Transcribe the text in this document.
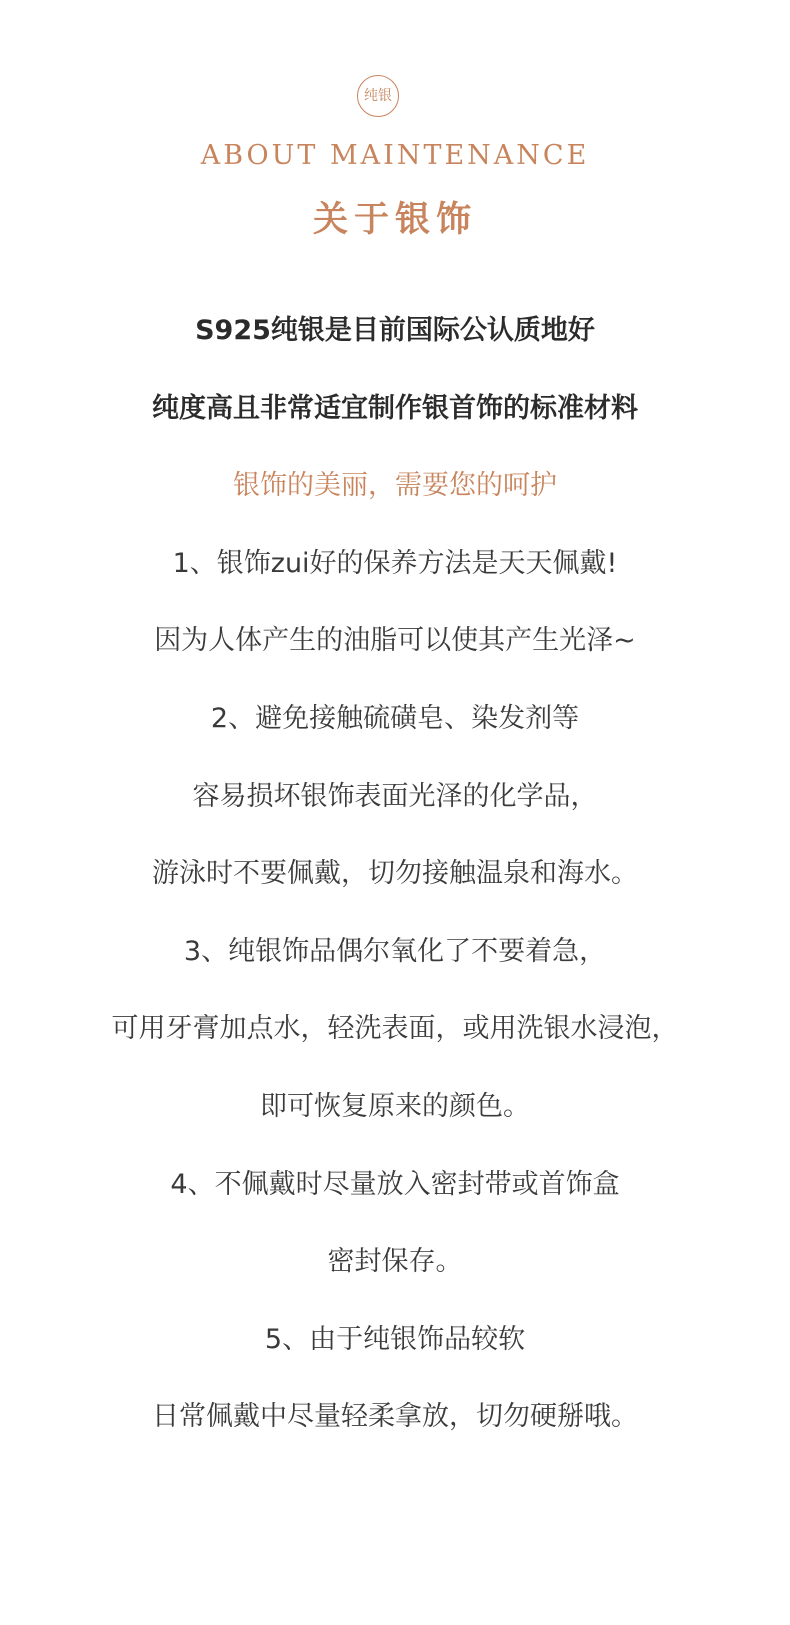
纯银
ABOUT MAINTENANCE
关于银饰
S925纯银是目前国际公认质地好
纯度高且非常适宜制作银首饰的标准材料
银饰的美丽，需要您的呵护
1、银饰zui好的保养方法是天天佩戴!
因为人体产生的油脂可以使其产生光泽~
2、避免接触硫磺皂、染发剂等
容易损坏银饰表面光泽的化学品，
游泳时不要佩戴，切勿接触温泉和海水。
3、纯银饰品偶尔氧化了不要着急，
可用牙膏加点水，轻洗表面，或用洗银水浸泡，
即可恢复原来的颜色。
4、不佩戴时尽量放入密封带或首饰盒
密封保存。
5、由于纯银饰品较软
日常佩戴中尽量轻柔拿放，切勿硬掰哦。
